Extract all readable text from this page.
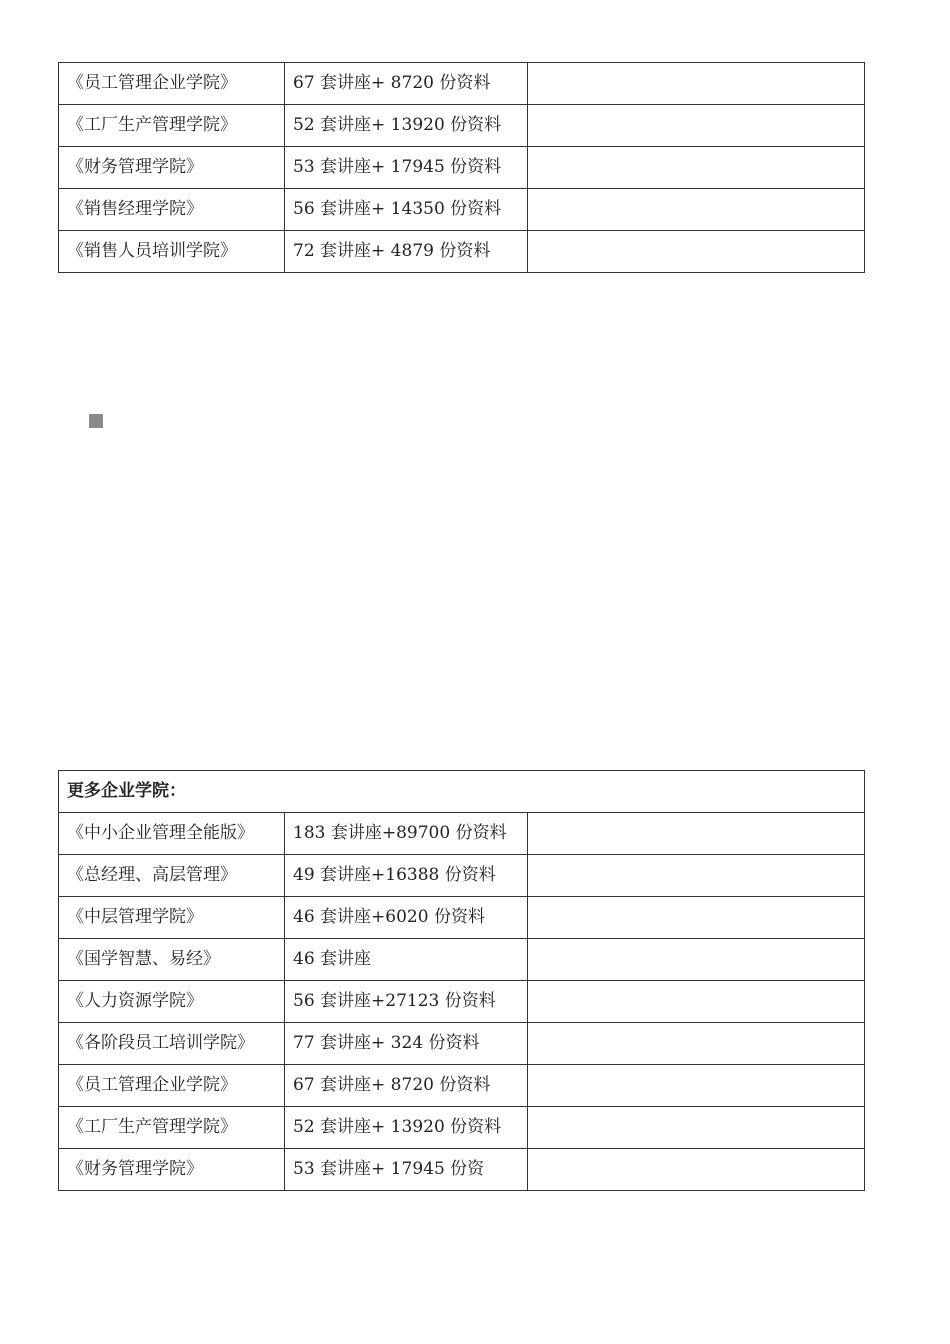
《员工管理企业学院》	67 套讲座+ 8720 份资料	
《工厂生产管理学院》	52 套讲座+ 13920 份资料	
《财务管理学院》	53 套讲座+ 17945 份资料	
《销售经理学院》	56 套讲座+ 14350 份资料	
《销售人员培训学院》	72 套讲座+ 4879 份资料	
更多企业学院：		
《中小企业管理全能版》	183 套讲座+89700 份资料	
《总经理、高层管理》	49 套讲座+16388 份资料	
《中层管理学院》	46 套讲座+6020 份资料	
《国学智慧、易经》	46 套讲座	
《人力资源学院》	56 套讲座+27123 份资料	
《各阶段员工培训学院》	77 套讲座+ 324 份资料	
《员工管理企业学院》	67 套讲座+ 8720 份资料	
《工厂生产管理学院》	52 套讲座+ 13920 份资料	
《财务管理学院》	53 套讲座+ 17945 份资	
